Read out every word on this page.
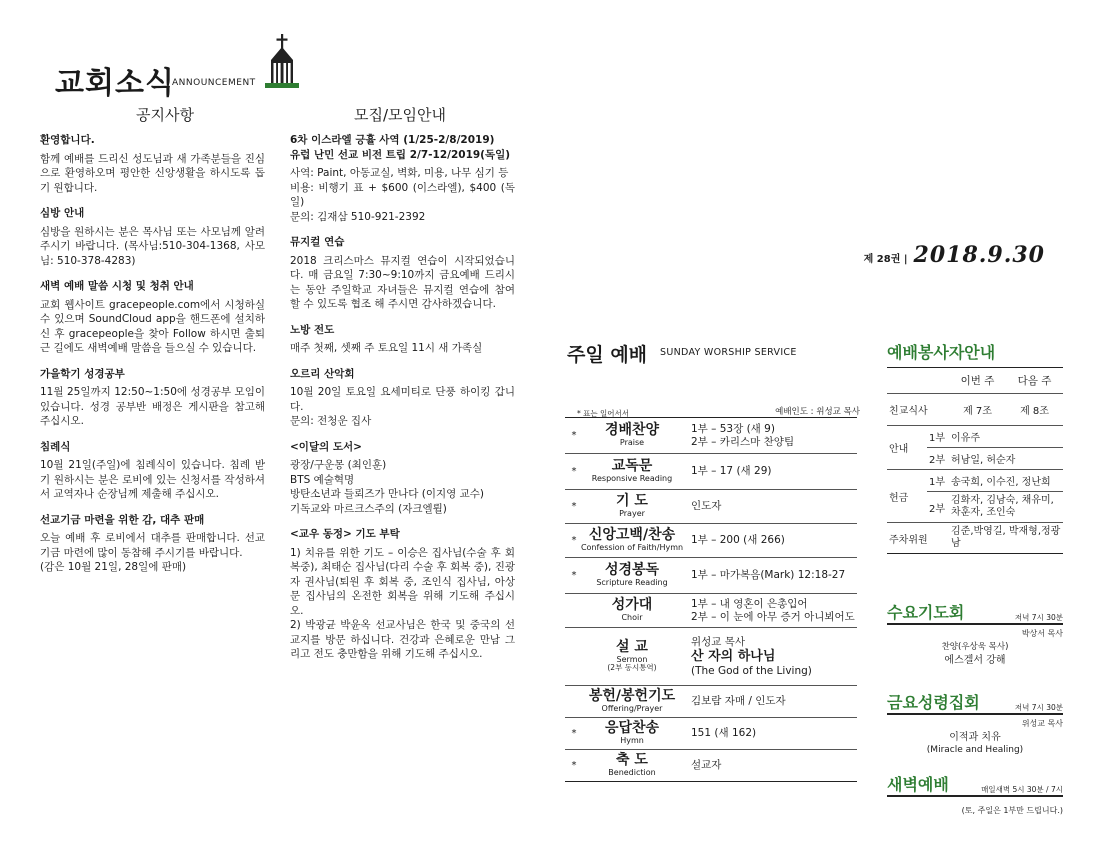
교회소식
ANNOUNCEMENT
공지사항	모집/모임안내
환영합니다.
함께 예배를 드리신 성도님과 새 가족분들을 진심으로 환영하오며 평안한 신앙생활을 하시도록 돕기 원합니다.
심방 안내
심방을 원하시는 분은 목사님 또는 사모님께 알려주시기 바랍니다. (목사님:510-304-1368, 사모님: 510-378-4283)
새벽 예배 말씀 시청 및 청취 안내
교회 웹사이트 gracepeople.com에서 시청하실 수 있으며 SoundCloud app을 핸드폰에 설치하신 후 gracepeople을 찾아 Follow 하시면 출퇴근 길에도 새벽예배 말씀을 들으실 수 있습니다.
가을학기 성경공부
11월 25일까지 12:50~1:50에 성경공부 모임이 있습니다. 성경 공부반 배정은 게시판을 참고해 주십시오.
침례식
10월 21일(주일)에 침례식이 있습니다. 침례 받기 원하시는 분은 로비에 있는 신청서를 작성하셔서 교역자나 순장님께 제출해 주십시오.
선교기금 마련을 위한 감, 대추 판매
오늘 예배 후 로비에서 대추를 판매합니다. 선교기금 마련에 많이 동참해 주시기를 바랍니다.
(감은 10월 21일, 28일에 판매)
6차 이스라엘 긍휼 사역 (1/25-2/8/2019)
유럽 난민 선교 비전 트립 2/7-12/2019(독일)
사역: Paint, 아동교실, 벽화, 미용, 나무 심기 등
비용: 비행기 표 + $600 (이스라엘), $400 (독일)
문의: 김재삼 510-921-2392
뮤지컬 연습
2018 크리스마스 뮤지컬 연습이 시작되었습니다. 매 금요일 7:30~9:10까지 금요예배 드리시는 동안 주일학교 자녀들은 뮤지컬 연습에 참여 할 수 있도록 협조 해 주시면 감사하겠습니다.
노방 전도
매주 첫째, 셋째 주 토요일 11시 새 가족실
오르리 산악회
10월 20일 토요일 요세미티로 단풍 하이킹 갑니다.
문의: 전청운 집사
<이달의 도서>
광장/구운몽 (최인훈)
BTS 예술혁명
방탄소년과 들뢰즈가 만나다 (이지영 교수)
기독교와 마르크스주의 (자크엘륄)
<교우 동정> 기도 부탁
1) 치유를 위한 기도 – 이승은 집사님(수술 후 회복중), 최태순 집사님(다리 수술 후 회복 중), 진광자 권사님(퇴원 후 회복 중, 조인식 집사님, 아상문 집사님의 온전한 회복을 위해 기도해 주십시오.
2) 박광균 박윤옥 선교사님은 한국 및 중국의 선교지를 방문 하십니다. 건강과 은혜로운 만남 그리고 전도 충만함을 위해 기도해 주십시오.
제 28권 | 2018.9.30
주일 예배 SUNDAY WORSHIP SERVICE
* 표는 일어서서	예배인도 : 위성교 목사
*	경배찬양
Praise
1부 – 53장 (새 9)
2부 – 카리스마 찬양팀
*	교독문
Responsive Reading
1부 – 17 (새 29)
*	기 도
Prayer
인도자
* 신앙고백/찬송
Confession of Faith/Hymn
1부 – 200 (새 266)
*	성경봉독
Scripture Reading
1부 – 마가복음(Mark) 12:18-27
성가대
Choir
1부 – 내 영혼이 은총입어
2부 – 이 눈에 아무 증거 아니뵈어도
설 교
Sermon
(2부 동시통역)
위성교 목사
산 자의 하나님
(The God of the Living)
봉헌/봉헌기도
Offering/Prayer
김보람 자매 / 인도자
*	응답찬송
Hymn
151 (새 162)
*	축 도
Benediction
설교자
예배봉사자안내
		이번 주	다음 주
친교식사		제 7조	제 8조
안내	1부	이유주	
	2부	허남일, 허순자	
헌금	1부	송국희, 이수진, 정난희	
	2부	김화자, 김남숙, 채유미, 차훈자, 조인숙	
주차위원		김준,박영길, 박재형,정광남	
수요기도회	저녁 7시 30분
박상서 목사
찬양(우상욱 목사)
에스겔서 강해
금요성령집회	저녁 7시 30분
위성교 목사
이적과 치유
(Miracle and Healing)
새벽예배	매일새벽 5시 30분 / 7시
(토, 주일은 1부만 드립니다.)
